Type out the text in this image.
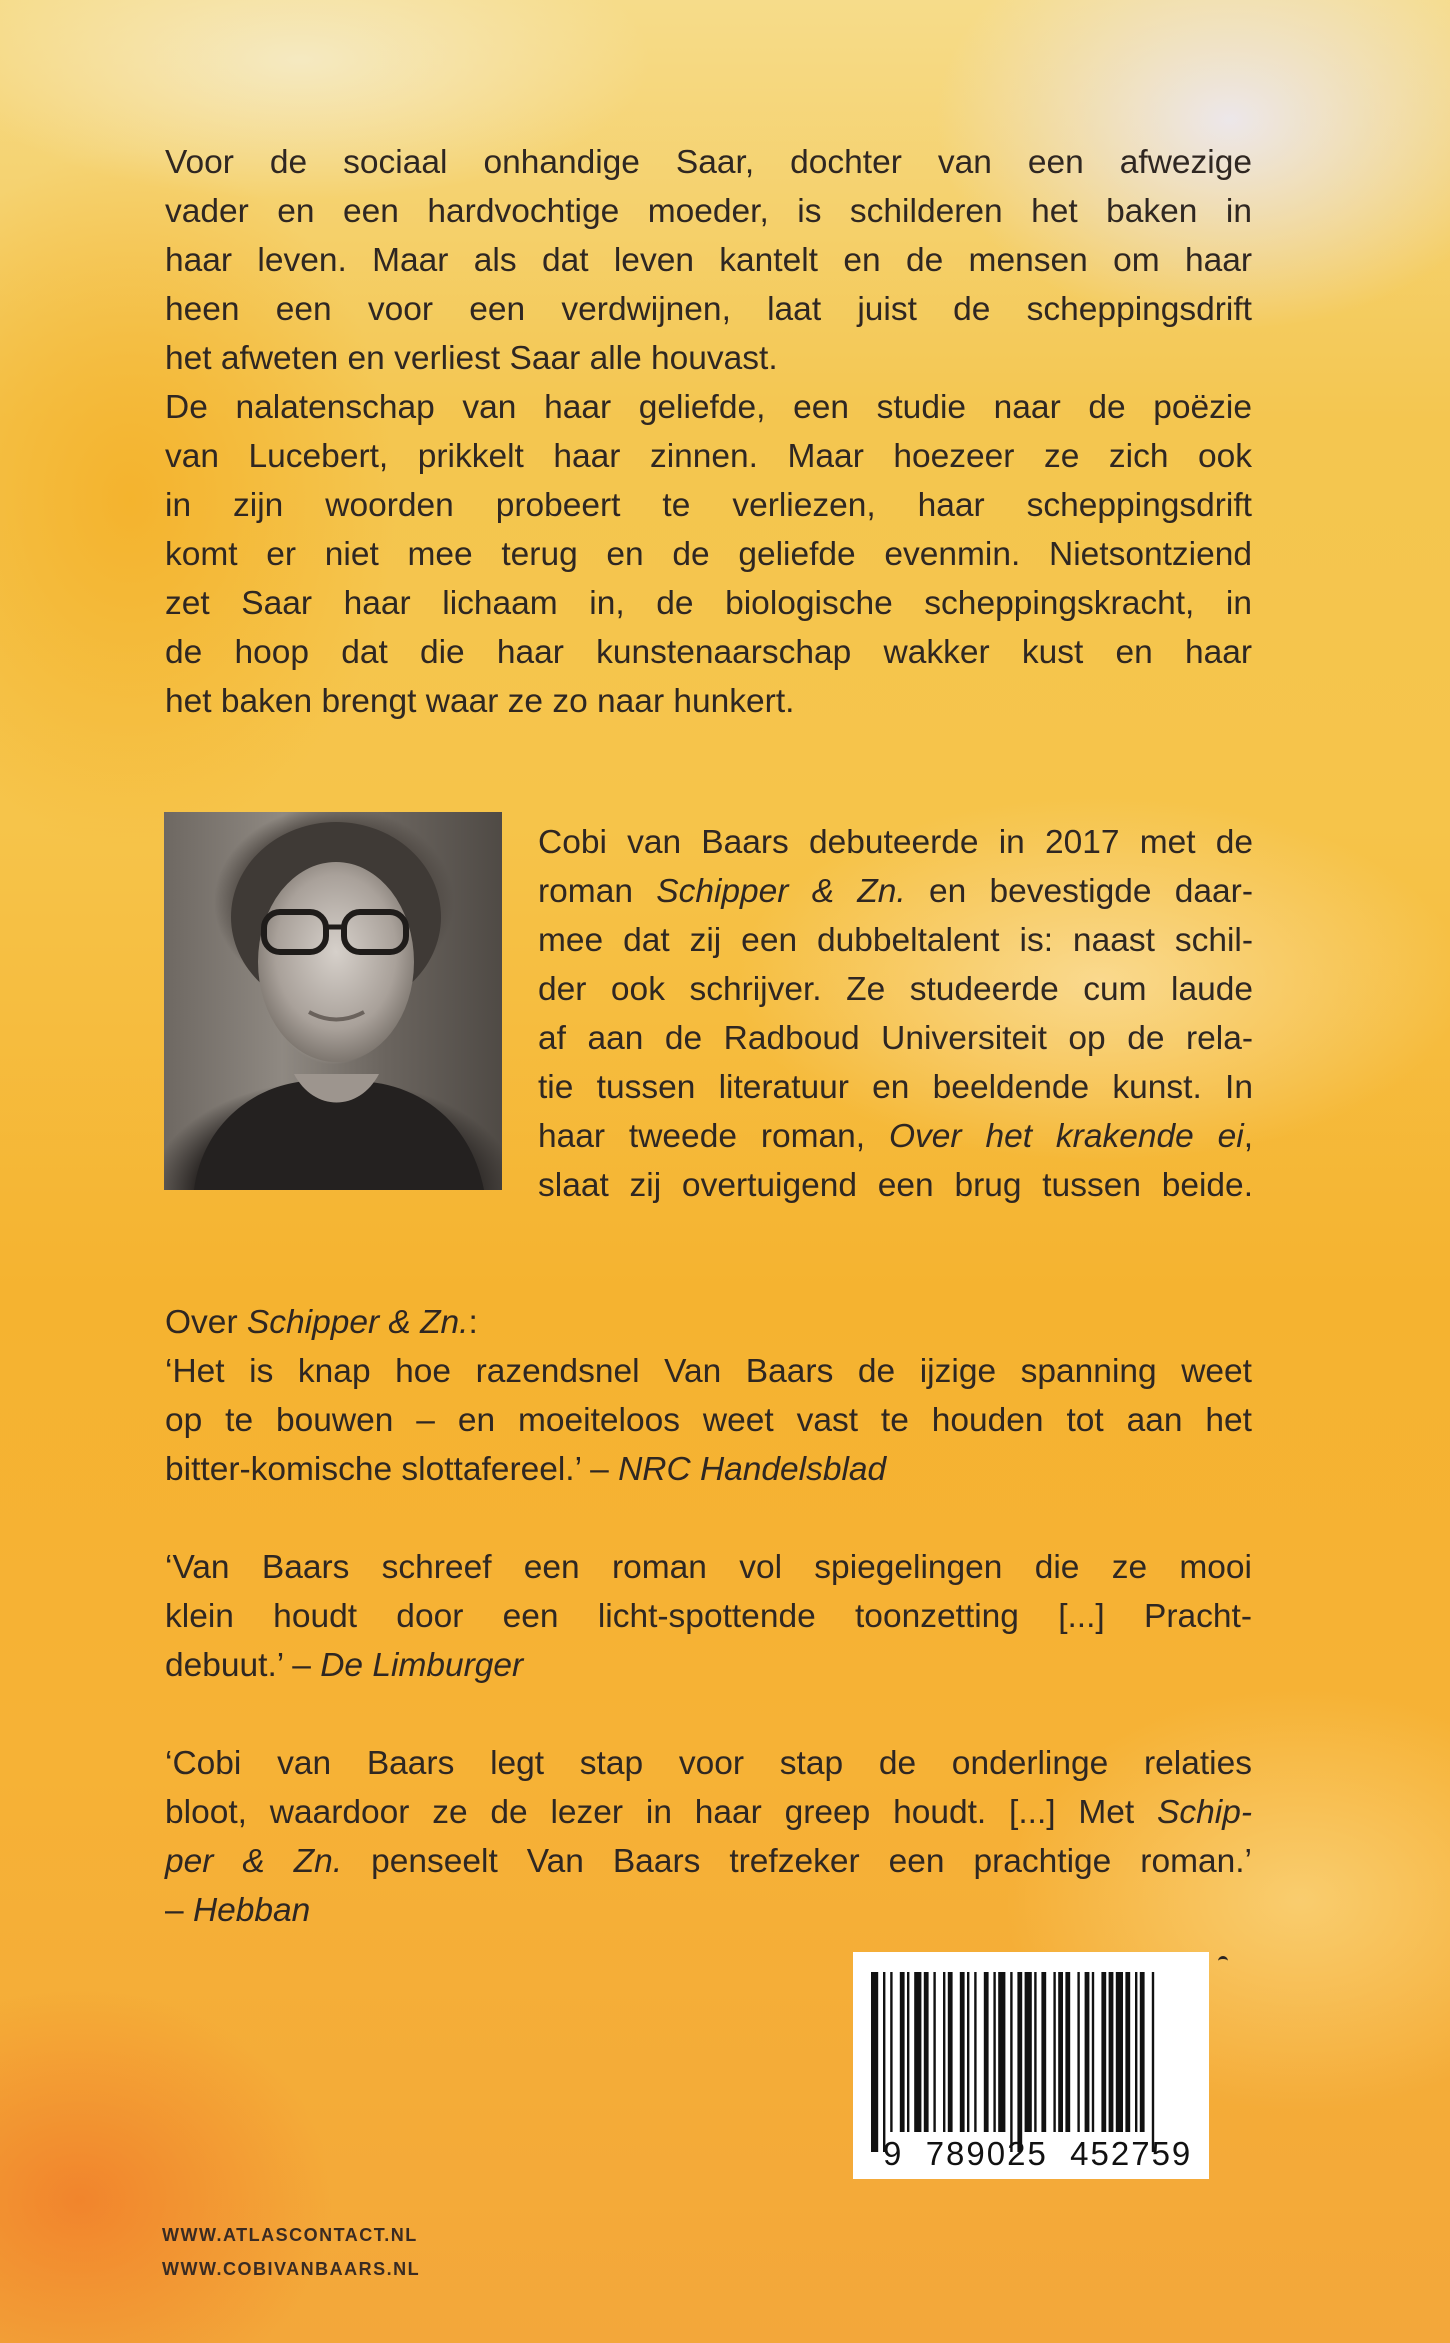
Voor de sociaal onhandige Saar, dochter van een afwezige
vader en een hardvochtige moeder, is schilderen het baken in
haar leven. Maar als dat leven kantelt en de mensen om haar
heen een voor een verdwijnen, laat juist de scheppingsdrift
het afweten en verliest Saar alle houvast.
De nalatenschap van haar geliefde, een studie naar de poëzie
van Lucebert, prikkelt haar zinnen. Maar hoezeer ze zich ook
in zijn woorden probeert te verliezen, haar scheppingsdrift
komt er niet mee terug en de geliefde evenmin. Nietsontziend
zet Saar haar lichaam in, de biologische scheppingskracht, in
de hoop dat die haar kunstenaarschap wakker kust en haar
het baken brengt waar ze zo naar hunkert.
Cobi van Baars debuteerde in 2017 met de
roman Schipper & Zn. en bevestigde daar-
mee dat zij een dubbeltalent is: naast schil-
der ook schrijver. Ze studeerde cum laude
af aan de Radboud Universiteit op de rela-
tie tussen literatuur en beeldende kunst. In
haar tweede roman, Over het krakende ei,
slaat zij overtuigend een brug tussen beide.
Over Schipper & Zn.:
‘Het is knap hoe razendsnel Van Baars de ijzige spanning weet
op te bouwen – en moeiteloos weet vast te houden tot aan het
bitter-komische slottafereel.’ – NRC Handelsblad
‘Van Baars schreef een roman vol spiegelingen die ze mooi
klein houdt door een licht-spottende toonzetting [...] Pracht-
debuut.’ – De Limburger
‘Cobi van Baars legt stap voor stap de onderlinge relaties
bloot, waardoor ze de lezer in haar greep houdt. [...] Met Schip-
per & Zn. penseelt Van Baars trefzeker een prachtige roman.’
– Hebban
WWW.ATLASCONTACT.NL
WWW.COBIVANBAARS.NL
9 789025 452759
